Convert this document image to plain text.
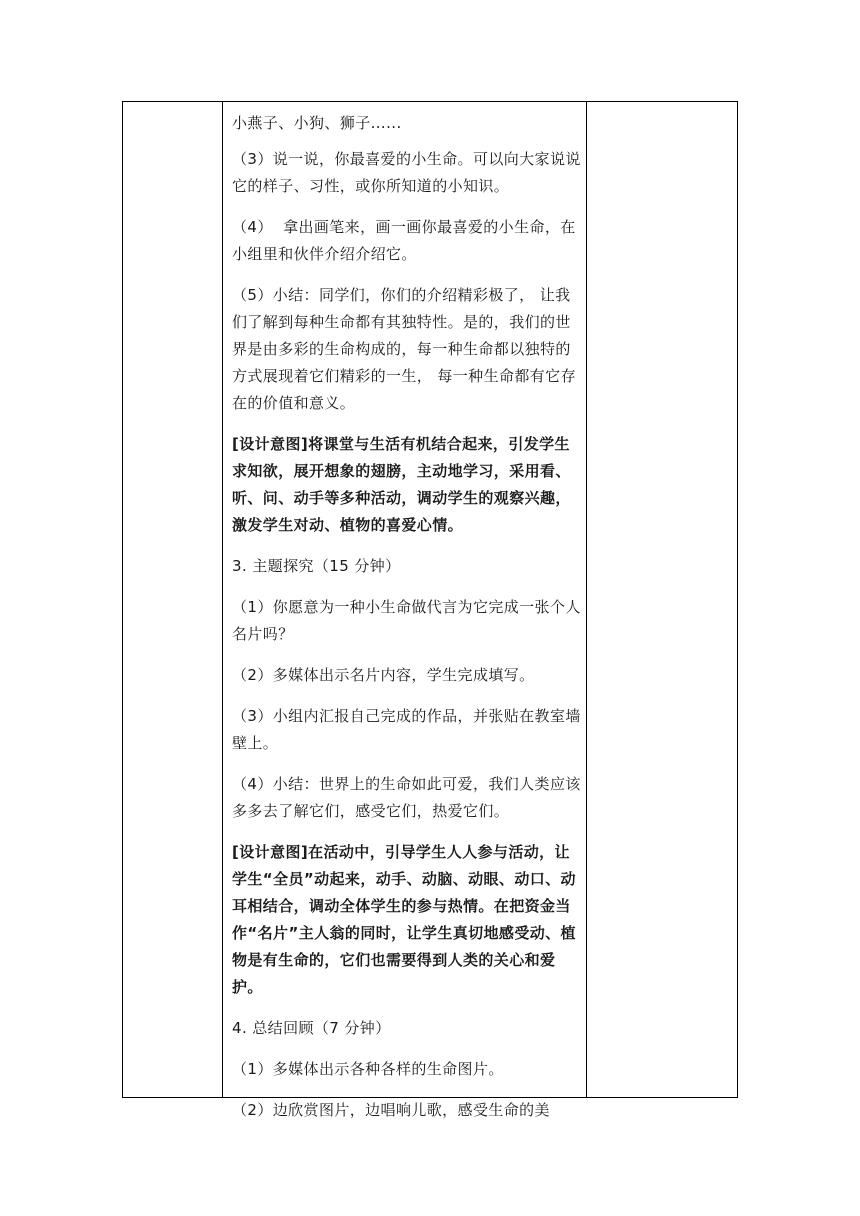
小燕子、小狗、狮子......

（3）说一说，你最喜爱的小生命。可以向大家说说它的样子、习性，或你所知道的小知识。

（4）  拿出画笔来，画一画你最喜爱的小生命，在小组里和伙伴介绍介绍它。

（5）小结：同学们，你们的介绍精彩极了， 让我们了解到每种生命都有其独特性。是的，我们的世界是由多彩的生命构成的，每一种生命都以独特的方式展现着它们精彩的一生， 每一种生命都有它存在的价值和意义。

[设计意图]将课堂与生活有机结合起来，引发学生求知欲，展开想象的翅膀，主动地学习，采用看、听、问、动手等多种活动，调动学生的观察兴趣，激发学生对动、植物的喜爱心情。

3. 主题探究（15 分钟）

（1）你愿意为一种小生命做代言为它完成一张个人名片吗？

（2）多媒体出示名片内容，学生完成填写。

（3）小组内汇报自己完成的作品，并张贴在教室墙壁上。

（4）小结：世界上的生命如此可爱，我们人类应该多多去了解它们，感受它们，热爱它们。

[设计意图]在活动中，引导学生人人参与活动，让学生“全员”动起来，动手、动脑、动眼、动口、动耳相结合，调动全体学生的参与热情。在把资金当作“名片”主人翁的同时，让学生真切地感受动、植物是有生命的，它们也需要得到人类的关心和爱护。

4. 总结回顾（7 分钟）

（1）多媒体出示各种各样的生命图片。

（2）边欣赏图片，边唱响儿歌，感受生命的美
